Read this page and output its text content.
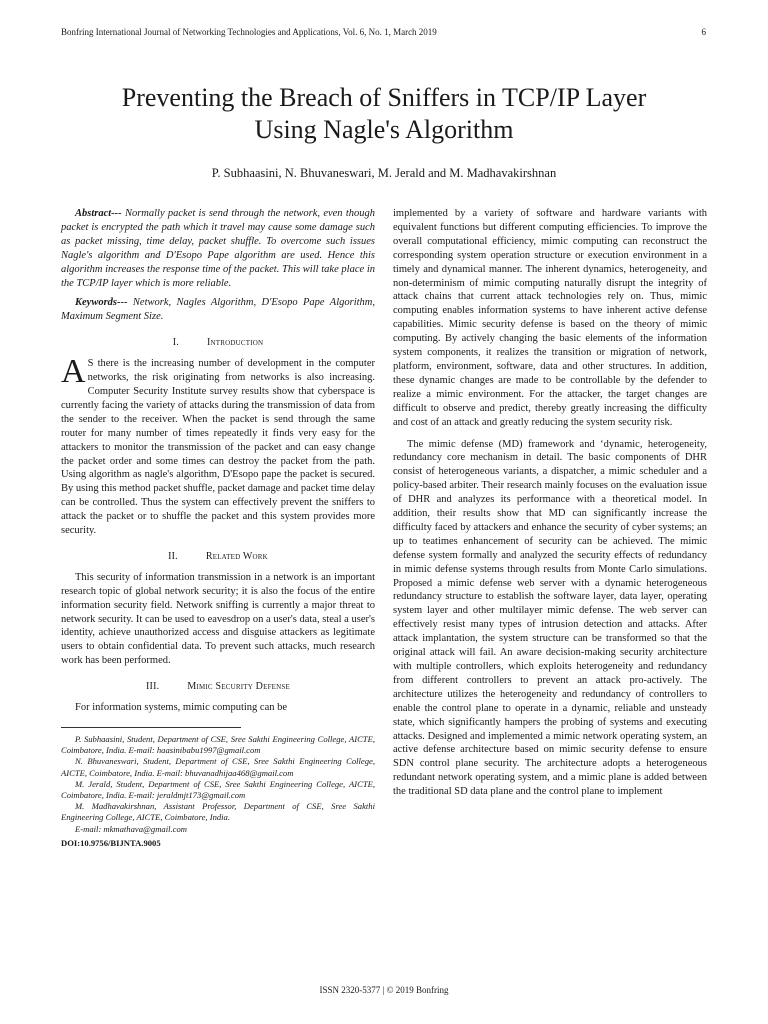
Bonfring International Journal of Networking Technologies and Applications, Vol. 6, No. 1, March 2019	6
Preventing the Breach of Sniffers in TCP/IP Layer
Using Nagle's Algorithm
P. Subhaasini, N. Bhuvaneswari, M. Jerald and M. Madhavakirshnan

Abstract--- Normally packet is send through the network, even though packet is encrypted the path which it travel may cause some damage such as packet missing, time delay, packet shuffle. To overcome such issues Nagle's algorithm and D'Esopo Pape algorithm are used. Hence this algorithm increases the response time of the packet. This will take place in the TCP/IP layer which is more reliable.

Keywords--- Network, Nagles Algorithm, D'Esopo Pape Algorithm, Maximum Segment Size.

I.	Introduction

A S there is the increasing number of development in the computer networks, the risk originating from networks is also increasing. Computer Security Institute survey results show that cyberspace is currently facing the variety of attacks during the transmission of data from the sender to the receiver. When the packet is send through the same router for many number of times repeatedly it finds very easy for the attackers to monitor the transmission of the packet and can easy change the packet order and some times can destroy the packet from the path. Using algorithm as nagle's algorithm, D'Esopo pape the packet is secured. By using this method packet shuffle, packet damage and packet time delay can be controlled. Thus the system can effectively prevent the sniffers to attack the packet or to shuffle the packet and this system provides more security.

II.	Related Work

This security of information transmission in a network is an important research topic of global network security; it is also the focus of the entire information security field. Network sniffing is currently a major threat to network security. It can be used to eavesdrop on a user's data, steal a user's identity, achieve unauthorized access and disguise attackers as legitimate users to obtain confidential data. To prevent such attacks, much research work has been performed.

III.	Mimic Security Defense

For information systems, mimic computing can be

P. Subhaasini, Student, Department of CSE, Sree Sakthi Engineering College, AICTE, Coimbatore, India. E-mail: haasinibabu1997@gmail.com

N. Bhuvaneswari, Student, Department of CSE, Sree Sakthi Engineering College, AICTE, Coimbatore, India. E-mail: bhuvanadhijaa468@gmail.com

M. Jerald, Student, Department of CSE, Sree Sakthi Engineering College, AICTE, Coimbatore, India. E-mail: jeraldmjt173@gmail.com

M. Madhavakirshnan, Assistant Professor, Department of CSE, Sree Sakthi Engineering College, AICTE, Coimbatore, India.

E-mail: mkmathava@gmail.com

DOI:10.9756/BIJNTA.9005

implemented by a variety of software and hardware variants with equivalent functions but different computing efficiencies. To improve the overall computational efficiency, mimic computing can reconstruct the corresponding system operation structure or execution environment in a timely and dynamical manner. The inherent dynamics, heterogeneity, and non-determinism of mimic computing naturally disrupt the integrity of attack chains that current attack technologies rely on. Thus, mimic computing enables information systems to have inherent active defense capabilities. Mimic security defense is based on the theory of mimic computing. By actively changing the basic elements of the information system components, it realizes the transition or migration of network, platform, environment, software, data and other structures. In addition, these dynamic changes are made to be controllable by the defender to realize a mimic environment. For the attacker, the target changes are difficult to observe and predict, thereby greatly increasing the difficulty and cost of an attack and greatly reducing the system security risk.

The mimic defense (MD) framework and ‘dynamic, heterogeneity, redundancy core mechanism in detail. The basic components of DHR consist of heterogeneous variants, a dispatcher, a mimic scheduler and a policy-based arbiter. Their research mainly focuses on the evaluation issue of DHR and analyzes its performance with a theoretical model. In addition, their results show that MD can significantly increase the difficulty faced by attackers and enhance the security of cyber systems; an up to teatimes enhancement of security can be achieved. The mimic defense system formally and analyzed the security effects of redundancy in mimic defense systems through results from Monte Carlo simulations. Proposed a mimic defense web server with a dynamic heterogeneous redundancy structure to establish the software layer, data layer, operating system layer and other multilayer mimic defense. The web server can effectively resist many types of intrusion detection and attacks. After attack implantation, the system structure can be transformed so that the original attack will fail. An aware decision-making security architecture with multiple controllers, which exploits heterogeneity and redundancy from different controllers to prevent an attack pro-actively. The architecture utilizes the heterogeneity and redundancy of controllers to enable the control plane to operate in a dynamic, reliable and unsteady state, which significantly hampers the probing of systems and executing attacks. Designed and implemented a mimic network operating system, an active defense architecture based on mimic security defense to ensure SDN control plane security. The architecture adopts a heterogeneous redundant network operating system, and a mimic plane is added between the traditional SD data plane and the control plane to implement

ISSN 2320-5377 | © 2019 Bonfring
